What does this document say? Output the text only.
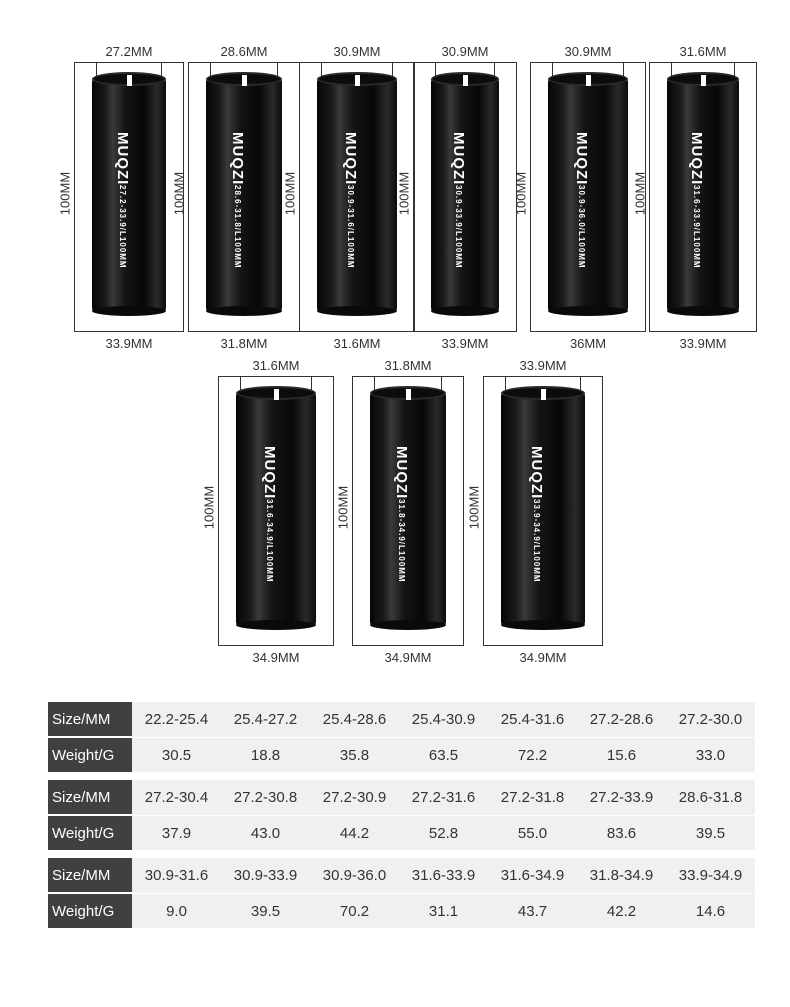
27.2MM
MUQZI27.2-33.9/L100MM
100MM
33.9MM
28.6MM
MUQZI28.6-31.8/L100MM
100MM
31.8MM
30.9MM
MUQZI30.9-31.6/L100MM
100MM
31.6MM
30.9MM
MUQZI30.9-33.9/L100MM
100MM
33.9MM
30.9MM
MUQZI30.9-36.0/L100MM
100MM
36MM
31.6MM
MUQZI31.6-33.9/L100MM
100MM
33.9MM
31.6MM
MUQZI31.6-34.9/L100MM
100MM
34.9MM
31.8MM
MUQZI31.8-34.9/L100MM
100MM
34.9MM
33.9MM
MUQZI33.9-34.9/L100MM
100MM
34.9MM
Size/MM	22.2-25.4	25.4-27.2	25.4-28.6	25.4-30.9	25.4-31.6	27.2-28.6	27.2-30.0
Weight/G	30.5	18.8	35.8	63.5	72.2	15.6	33.0

Size/MM	27.2-30.4	27.2-30.8	27.2-30.9	27.2-31.6	27.2-31.8	27.2-33.9	28.6-31.8
Weight/G	37.9	43.0	44.2	52.8	55.0	83.6	39.5

Size/MM	30.9-31.6	30.9-33.9	30.9-36.0	31.6-33.9	31.6-34.9	31.8-34.9	33.9-34.9
Weight/G	9.0	39.5	70.2	31.1	43.7	42.2	14.6
